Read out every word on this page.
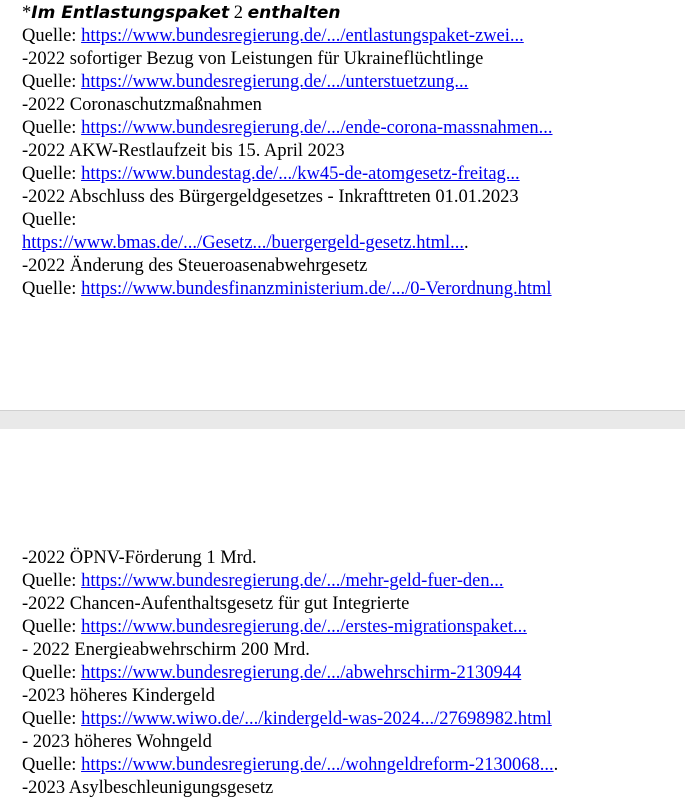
*Im Entlastungspaket 2 enthalten
Quelle: https://www.bundesregierung.de/.../entlastungspaket-zwei...
-2022 sofortiger Bezug von Leistungen für Ukraineflüchtlinge
Quelle: https://www.bundesregierung.de/.../unterstuetzung...
-2022 Coronaschutzmaßnahmen
Quelle: https://www.bundesregierung.de/.../ende-corona-massnahmen...
-2022 AKW-Restlaufzeit bis 15. April 2023
Quelle: https://www.bundestag.de/.../kw45-de-atomgesetz-freitag...
-2022 Abschluss des Bürgergeldgesetzes - Inkrafttreten 01.01.2023
Quelle:
https://www.bmas.de/.../Gesetz.../buergergeld-gesetz.html....
-2022 Änderung des Steueroasenabwehrgesetz
Quelle: https://www.bundesfinanzministerium.de/.../0-Verordnung.html
-2022 ÖPNV-Förderung 1 Mrd.
Quelle: https://www.bundesregierung.de/.../mehr-geld-fuer-den...
-2022 Chancen-Aufenthaltsgesetz für gut Integrierte
Quelle: https://www.bundesregierung.de/.../erstes-migrationspaket...
- 2022 Energieabwehrschirm 200 Mrd.
Quelle: https://www.bundesregierung.de/.../abwehrschirm-2130944
-2023 höheres Kindergeld
Quelle: https://www.wiwo.de/.../kindergeld-was-2024.../27698982.html
- 2023 höheres Wohngeld
Quelle: https://www.bundesregierung.de/.../wohngeldreform-2130068....
-2023 Asylbeschleunigungsgesetz
